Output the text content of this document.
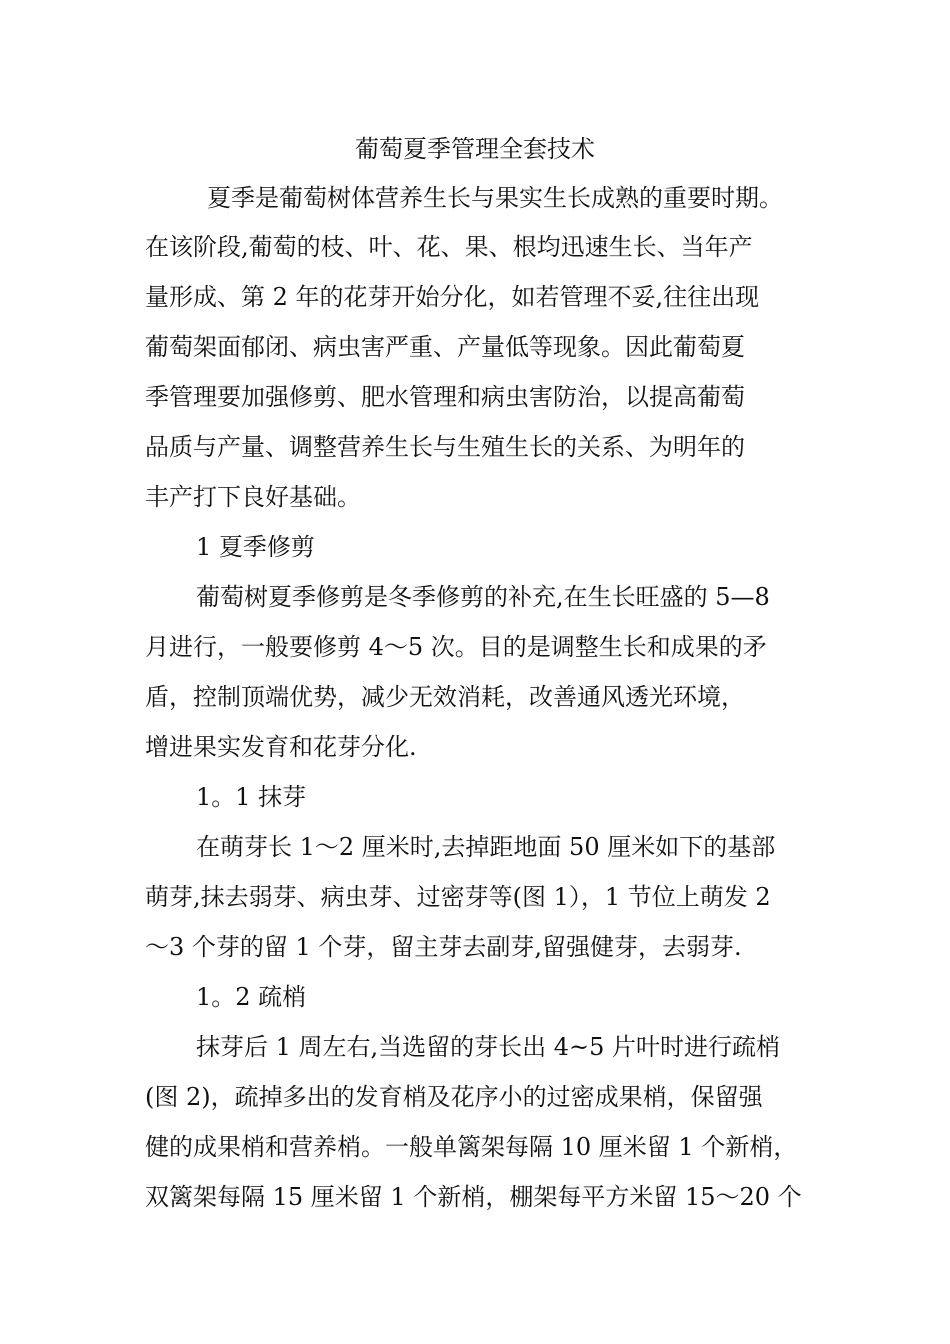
葡萄夏季管理全套技术
夏季是葡萄树体营养生长与果实生长成熟的重要时期。
在该阶段,葡萄的枝、叶、花、果、根均迅速生长、当年产
量形成、第 2 年的花芽开始分化，如若管理不妥,往往出现
葡萄架面郁闭、病虫害严重、产量低等现象。因此葡萄夏
季管理要加强修剪、肥水管理和病虫害防治，以提高葡萄
品质与产量、调整营养生长与生殖生长的关系、为明年的
丰产打下良好基础。
1 夏季修剪
葡萄树夏季修剪是冬季修剪的补充,在生长旺盛的 5—8
月进行，一般要修剪 4～5 次。目的是调整生长和成果的矛
盾，控制顶端优势，减少无效消耗，改善通风透光环境，
增进果实发育和花芽分化.
1。1 抹芽
在萌芽长 1～2 厘米时,去掉距地面 50 厘米如下的基部
萌芽,抹去弱芽、病虫芽、过密芽等(图 1），1 节位上萌发 2
～3 个芽的留 1 个芽，留主芽去副芽,留强健芽，去弱芽.
1。2 疏梢
抹芽后 1 周左右,当选留的芽长出 4~5 片叶时进行疏梢
(图 2)，疏掉多出的发育梢及花序小的过密成果梢，保留强
健的成果梢和营养梢。一般单篱架每隔 10 厘米留 1 个新梢，
双篱架每隔 15 厘米留 1 个新梢，棚架每平方米留 15～20 个
